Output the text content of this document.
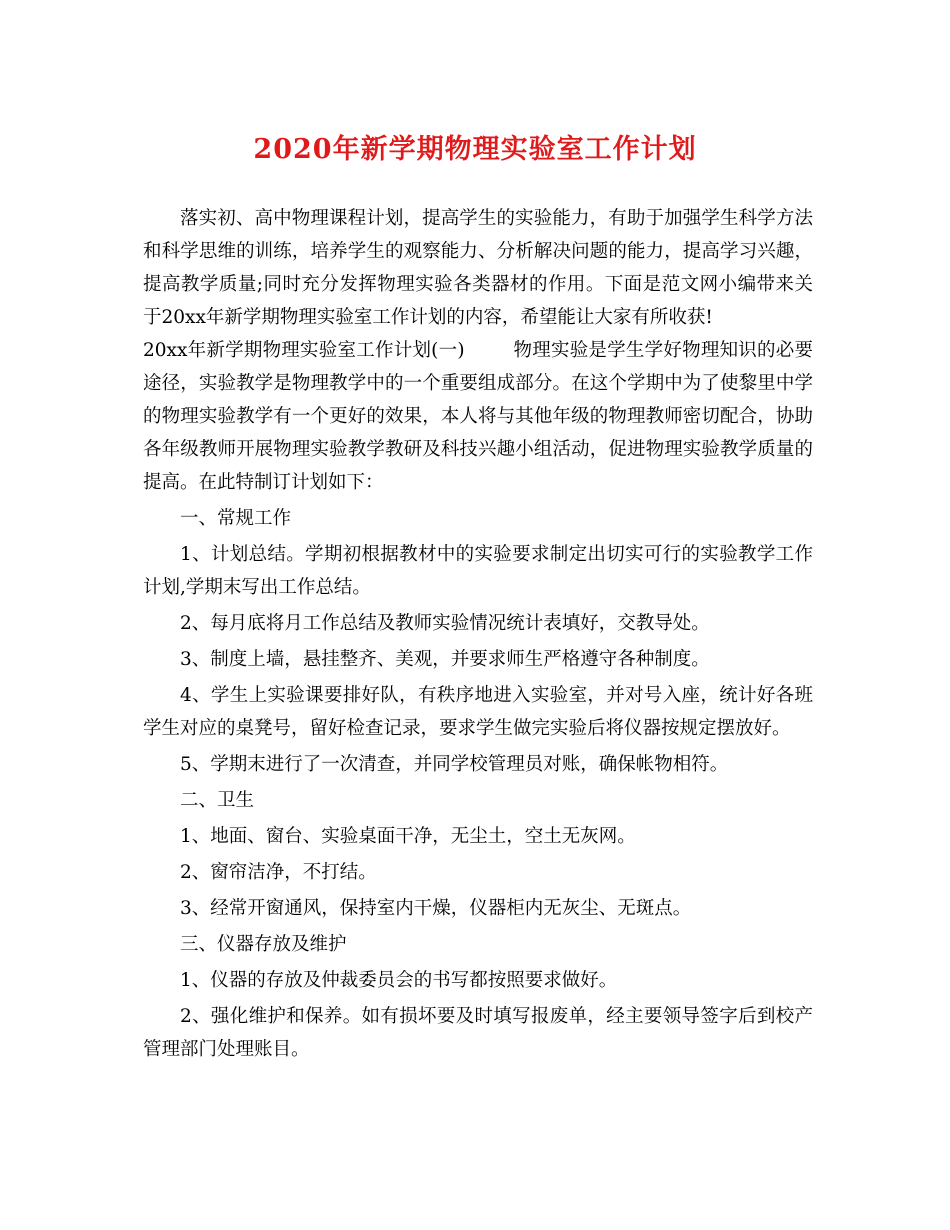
2020年新学期物理实验室工作计划

落实初、高中物理课程计划，提高学生的实验能力，有助于加强学生科学方法和科学思维的训练，培养学生的观察能力、分析解决问题的能力，提高学习兴趣，提高教学质量;同时充分发挥物理实验各类器材的作用。下面是范文网小编带来关于20xx年新学期物理实验室工作计划的内容，希望能让大家有所收获!

20xx年新学期物理实验室工作计划(一)	物理实验是学生学好物理知识的必要途径，实验教学是物理教学中的一个重要组成部分。在这个学期中为了使黎里中学的物理实验教学有一个更好的效果，本人将与其他年级的物理教师密切配合，协助各年级教师开展物理实验教学教研及科技兴趣小组活动，促进物理实验教学质量的提高。在此特制订计划如下：

一、常规工作

1、计划总结。学期初根据教材中的实验要求制定出切实可行的实验教学工作计划,学期末写出工作总结。

2、每月底将月工作总结及教师实验情况统计表填好，交教导处。

3、制度上墙，悬挂整齐、美观，并要求师生严格遵守各种制度。

4、学生上实验课要排好队，有秩序地进入实验室，并对号入座，统计好各班学生对应的桌凳号，留好检查记录，要求学生做完实验后将仪器按规定摆放好。

5、学期末进行了一次清查，并同学校管理员对账，确保帐物相符。

二、卫生

1、地面、窗台、实验桌面干净，无尘土，空土无灰网。

2、窗帘洁净，不打结。

3、经常开窗通风，保持室内干燥，仪器柜内无灰尘、无斑点。

三、仪器存放及维护

1、仪器的存放及仲裁委员会的书写都按照要求做好。

2、强化维护和保养。如有损坏要及时填写报废单，经主要领导签字后到校产管理部门处理账目。
